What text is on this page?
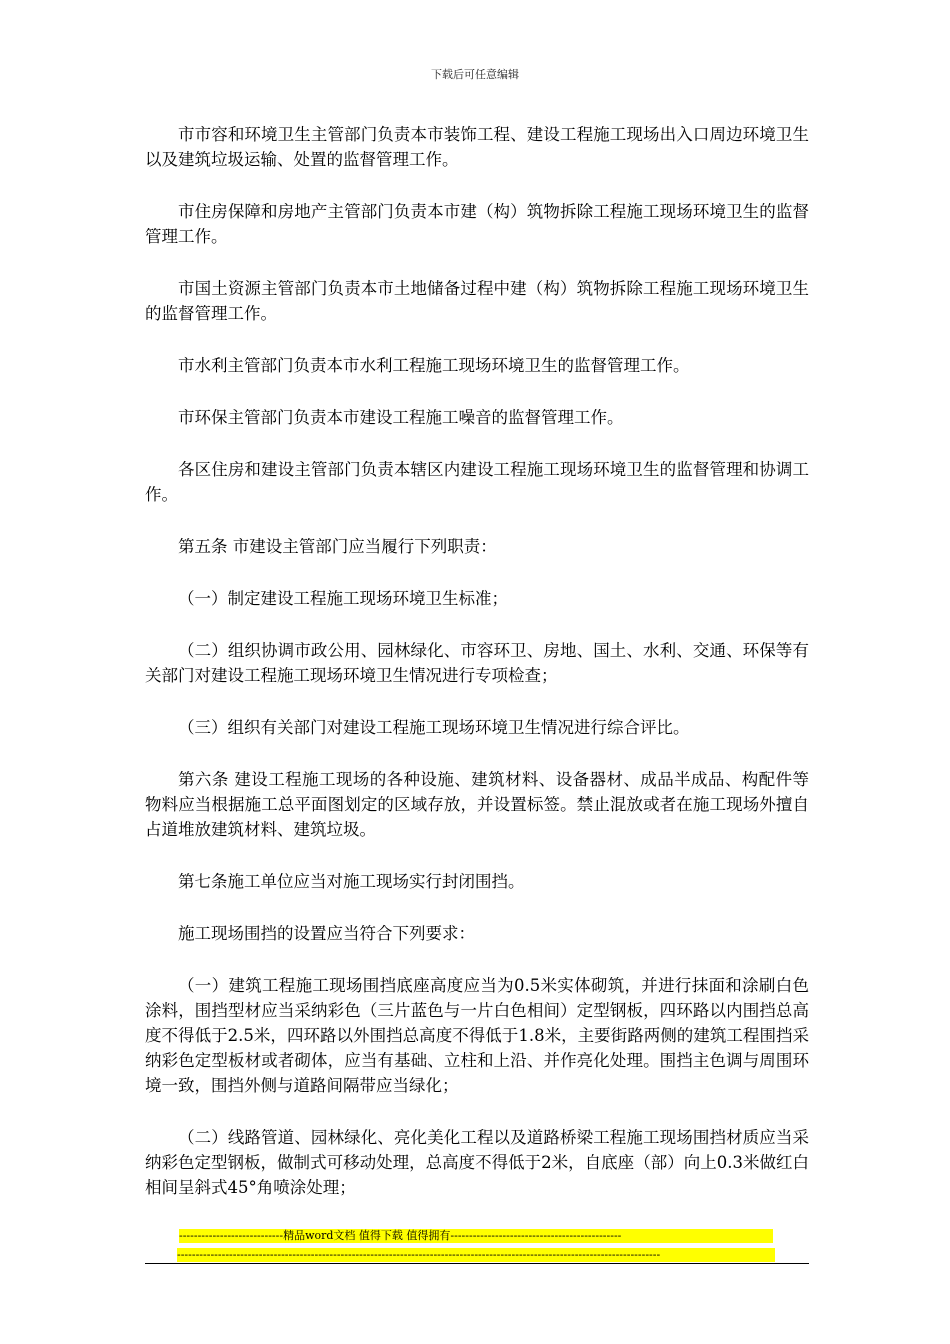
下载后可任意编辑

市市容和环境卫生主管部门负责本市装饰工程、建设工程施工现场出入口周边环境卫生以及建筑垃圾运输、处置的监督管理工作。

市住房保障和房地产主管部门负责本市建（构）筑物拆除工程施工现场环境卫生的监督管理工作。

市国土资源主管部门负责本市土地储备过程中建（构）筑物拆除工程施工现场环境卫生的监督管理工作。

市水利主管部门负责本市水利工程施工现场环境卫生的监督管理工作。

市环保主管部门负责本市建设工程施工噪音的监督管理工作。

各区住房和建设主管部门负责本辖区内建设工程施工现场环境卫生的监督管理和协调工作。

第五条 市建设主管部门应当履行下列职责：

（一）制定建设工程施工现场环境卫生标准；

（二）组织协调市政公用、园林绿化、市容环卫、房地、国土、水利、交通、环保等有关部门对建设工程施工现场环境卫生情况进行专项检查；

（三）组织有关部门对建设工程施工现场环境卫生情况进行综合评比。

第六条 建设工程施工现场的各种设施、建筑材料、设备器材、成品半成品、构配件等物料应当根据施工总平面图划定的区域存放，并设置标签。禁止混放或者在施工现场外擅自占道堆放建筑材料、建筑垃圾。

第七条施工单位应当对施工现场实行封闭围挡。

施工现场围挡的设置应当符合下列要求：

（一）建筑工程施工现场围挡底座高度应当为0.5米实体砌筑，并进行抹面和涂刷白色涂料，围挡型材应当采纳彩色（三片蓝色与一片白色相间）定型钢板，四环路以内围挡总高度不得低于2.5米，四环路以外围挡总高度不得低于1.8米，主要街路两侧的建筑工程围挡采纳彩色定型板材或者砌体，应当有基础、立柱和上沿、并作亮化处理。围挡主色调与周围环境一致，围挡外侧与道路间隔带应当绿化；

（二）线路管道、园林绿化、亮化美化工程以及道路桥梁工程施工现场围挡材质应当采纳彩色定型钢板，做制式可移动处理，总高度不得低于2米，自底座（部）向上0.3米做红白相间呈斜式45°角喷涂处理；

----------------------------精品word文档 值得下载 值得拥有----------------------------------------------
----------------------------------------------------------------------------------------------------------------------------------
